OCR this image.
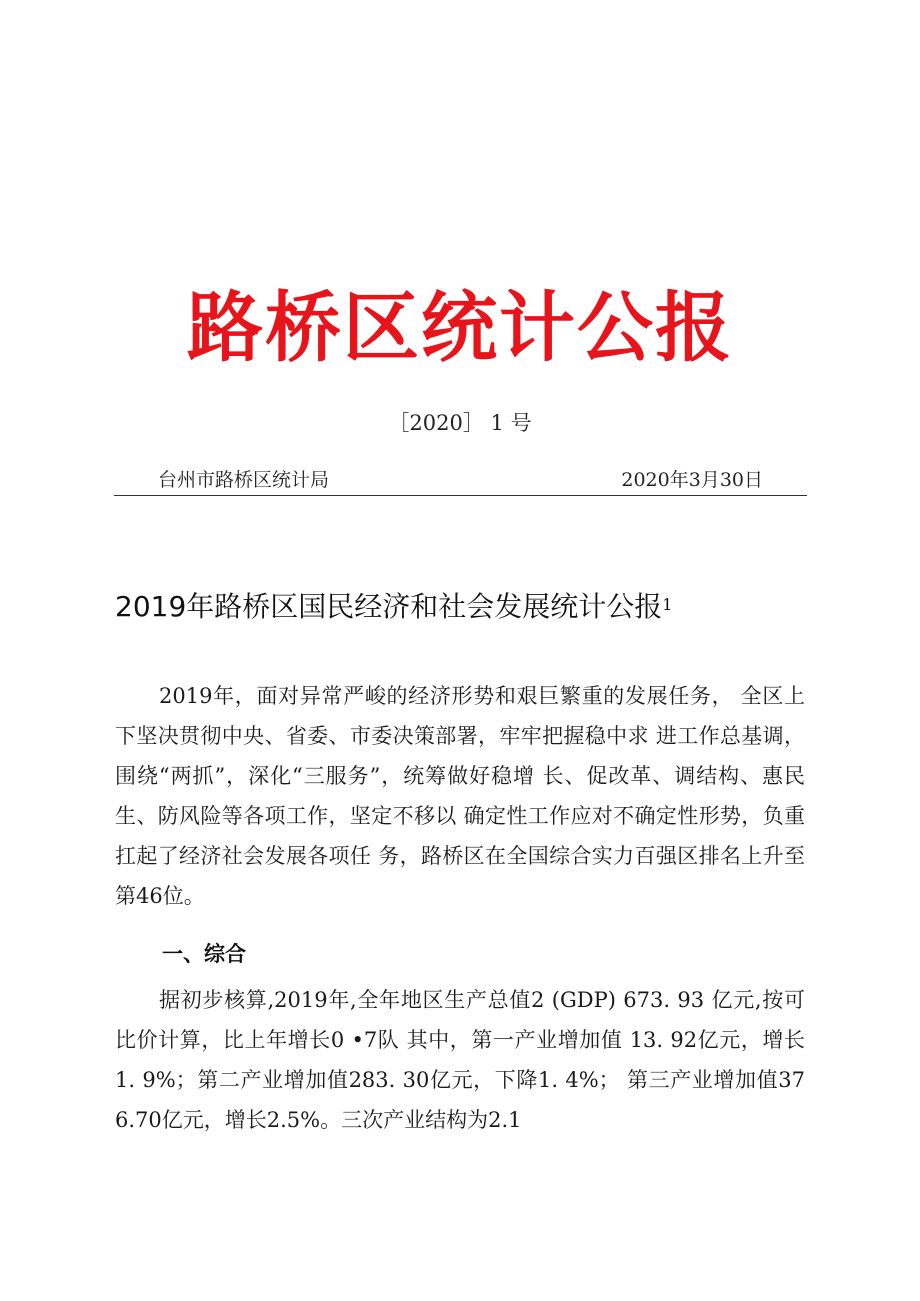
路桥区统计公报
［2020］ 1 号
台州市路桥区统计局	2020年3月30日
2019年路桥区国民经济和社会发展统计公报$^1$
2019年，面对异常严峻的经济形势和艰巨繁重的发展任务， 全区上下坚决贯彻中央、省委、市委决策部署，牢牢把握稳中求 进工作总基调，围绕“两抓”，深化“三服务”，统筹做好稳增 长、促改革、调结构、惠民生、防风险等各项工作，坚定不移以 确定性工作应对不确定性形势，负重扛起了经济社会发展各项任 务，路桥区在全国综合实力百强区排名上升至第46位。
一、综合
据初步核算,2019年,全年地区生产总值2 (GDP) 673. 93 亿元,按可比价计算，比上年增长0 •7队 其中，第一产业增加值 13. 92亿元，增长1. 9%；第二产业增加值283. 30亿元，下降1. 4%； 第三产业增加值376.70亿元，增长2.5%。三次产业结构为2.1
